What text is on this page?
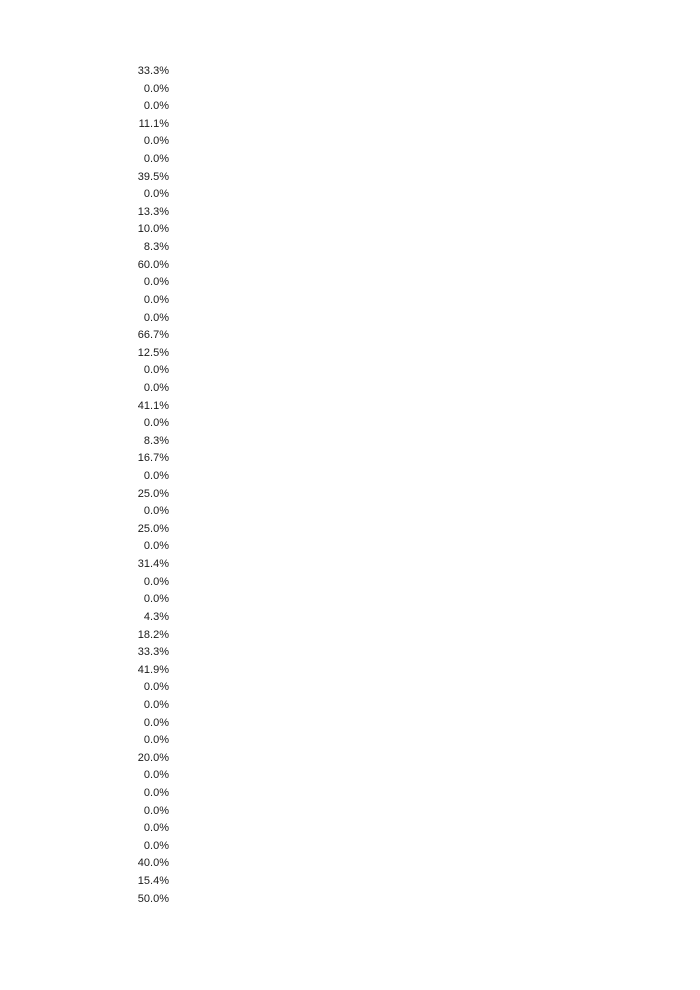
33.3%
0.0%
0.0%
11.1%
0.0%
0.0%
39.5%
0.0%
13.3%
10.0%
8.3%
60.0%
0.0%
0.0%
0.0%
66.7%
12.5%
0.0%
0.0%
41.1%
0.0%
8.3%
16.7%
0.0%
25.0%
0.0%
25.0%
0.0%
31.4%
0.0%
0.0%
4.3%
18.2%
33.3%
41.9%
0.0%
0.0%
0.0%
0.0%
20.0%
0.0%
0.0%
0.0%
0.0%
0.0%
40.0%
15.4%
50.0%
